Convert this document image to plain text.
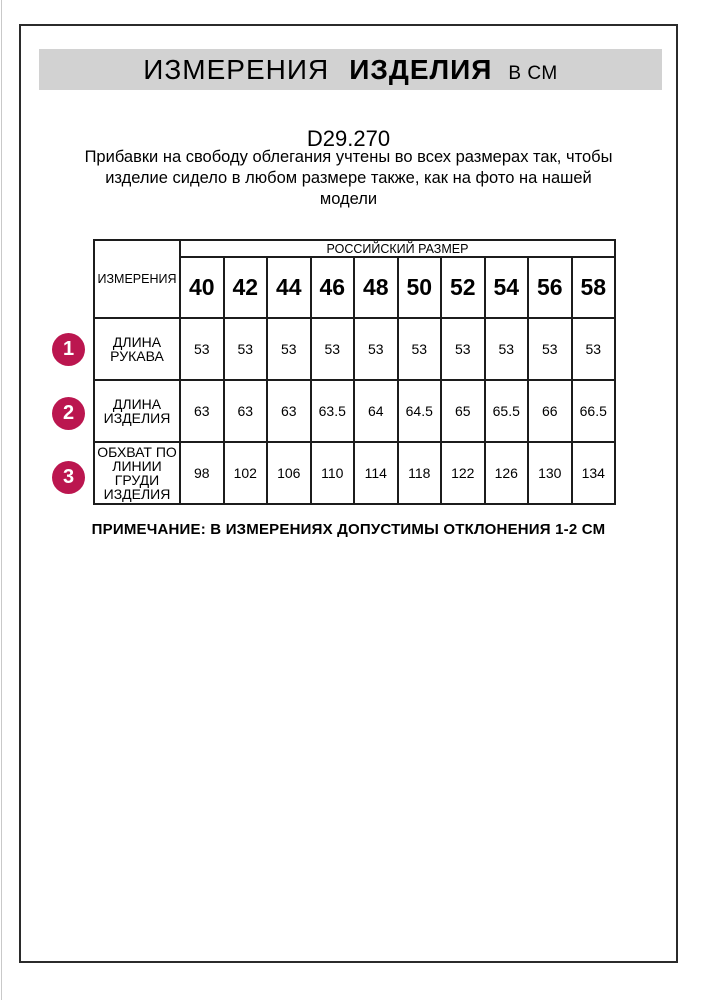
ИЗМЕРЕНИЯ ИЗДЕЛИЯ В СМ
D29.270
Прибавки на свободу облегания учтены во всех размерах так, чтобы изделие сидело в любом размере также, как на фото на нашей модели
ИЗМЕРЕНИЯ	РОССИЙСКИЙ РАЗМЕР									
	40	42	44	46	48	50	52	54	56	58
ДЛИНА
РУКАВА	53	53	53	53	53	53	53	53	53	53
ДЛИНА
ИЗДЕЛИЯ	63	63	63	63.5	64	64.5	65	65.5	66	66.5
ОБХВАТ ПО
ЛИНИИ
ГРУДИ
ИЗДЕЛИЯ	98	102	106	110	114	118	122	126	130	134
1
2
3
ПРИМЕЧАНИЕ: В ИЗМЕРЕНИЯХ ДОПУСТИМЫ ОТКЛОНЕНИЯ 1-2 СМ
